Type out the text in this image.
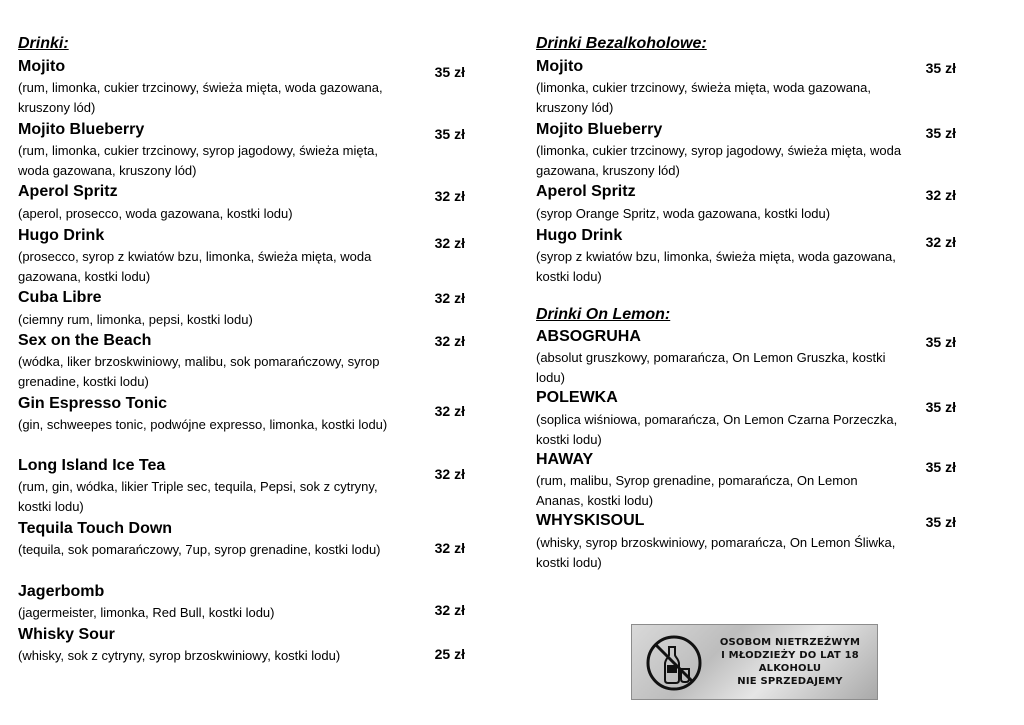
Drinki:
Mojito
(rum, limonka, cukier trzcinowy, świeża mięta, woda gazowana, kruszony lód)
35 zł
Mojito Blueberry
(rum, limonka, cukier trzcinowy, syrop jagodowy, świeża mięta, woda gazowana, kruszony lód)
35 zł
Aperol Spritz
(aperol, prosecco, woda gazowana, kostki lodu)
32 zł
Hugo Drink
(prosecco, syrop z kwiatów bzu, limonka, świeża mięta, woda gazowana, kostki lodu)
32 zł
Cuba Libre
(ciemny rum, limonka, pepsi, kostki lodu)
32 zł
Sex on the Beach
(wódka, liker brzoskwiniowy, malibu, sok pomarańczowy, syrop grenadine, kostki lodu)
32 zł
Gin Espresso Tonic
(gin, schweepes tonic, podwójne expresso, limonka, kostki lodu)
32 zł
Long Island Ice Tea
(rum, gin, wódka, likier Triple sec, tequila, Pepsi, sok z cytryny, kostki lodu)
32 zł
Tequila Touch Down
(tequila, sok pomarańczowy, 7up, syrop grenadine, kostki lodu)	32 zł
Jagerbomb
(jagermeister, limonka, Red Bull, kostki lodu)	32 zł
Whisky Sour
(whisky, sok z cytryny, syrop brzoskwiniowy, kostki lodu)	25 zł
Drinki Bezalkoholowe:
Mojito
(limonka, cukier trzcinowy, świeża mięta, woda gazowana, kruszony lód)
35 zł
Mojito Blueberry
(limonka, cukier trzcinowy, syrop jagodowy, świeża mięta, woda gazowana, kruszony lód)
35 zł
Aperol Spritz
(syrop Orange Spritz, woda gazowana, kostki lodu)
32 zł
Hugo Drink
(syrop z kwiatów bzu, limonka, świeża mięta, woda gazowana, kostki lodu)
32 zł
Drinki On Lemon:
ABSOGRUHA
(absolut gruszkowy, pomarańcza, On Lemon Gruszka, kostki lodu)
35 zł
POLEWKA
(soplica wiśniowa, pomarańcza, On Lemon Czarna Porzeczka, kostki lodu)
35 zł
HAWAY
(rum, malibu, Syrop grenadine, pomarańcza, On Lemon Ananas, kostki lodu)
35 zł
WHYSKISOUL
(whisky, syrop brzoskwiniowy, pomarańcza, On Lemon Śliwka, kostki lodu)
35 zł
OSOBOM NIETRZEŹWYM
I MŁODZIEŻY DO LAT 18
ALKOHOLU
NIE SPRZEDAJEMY
